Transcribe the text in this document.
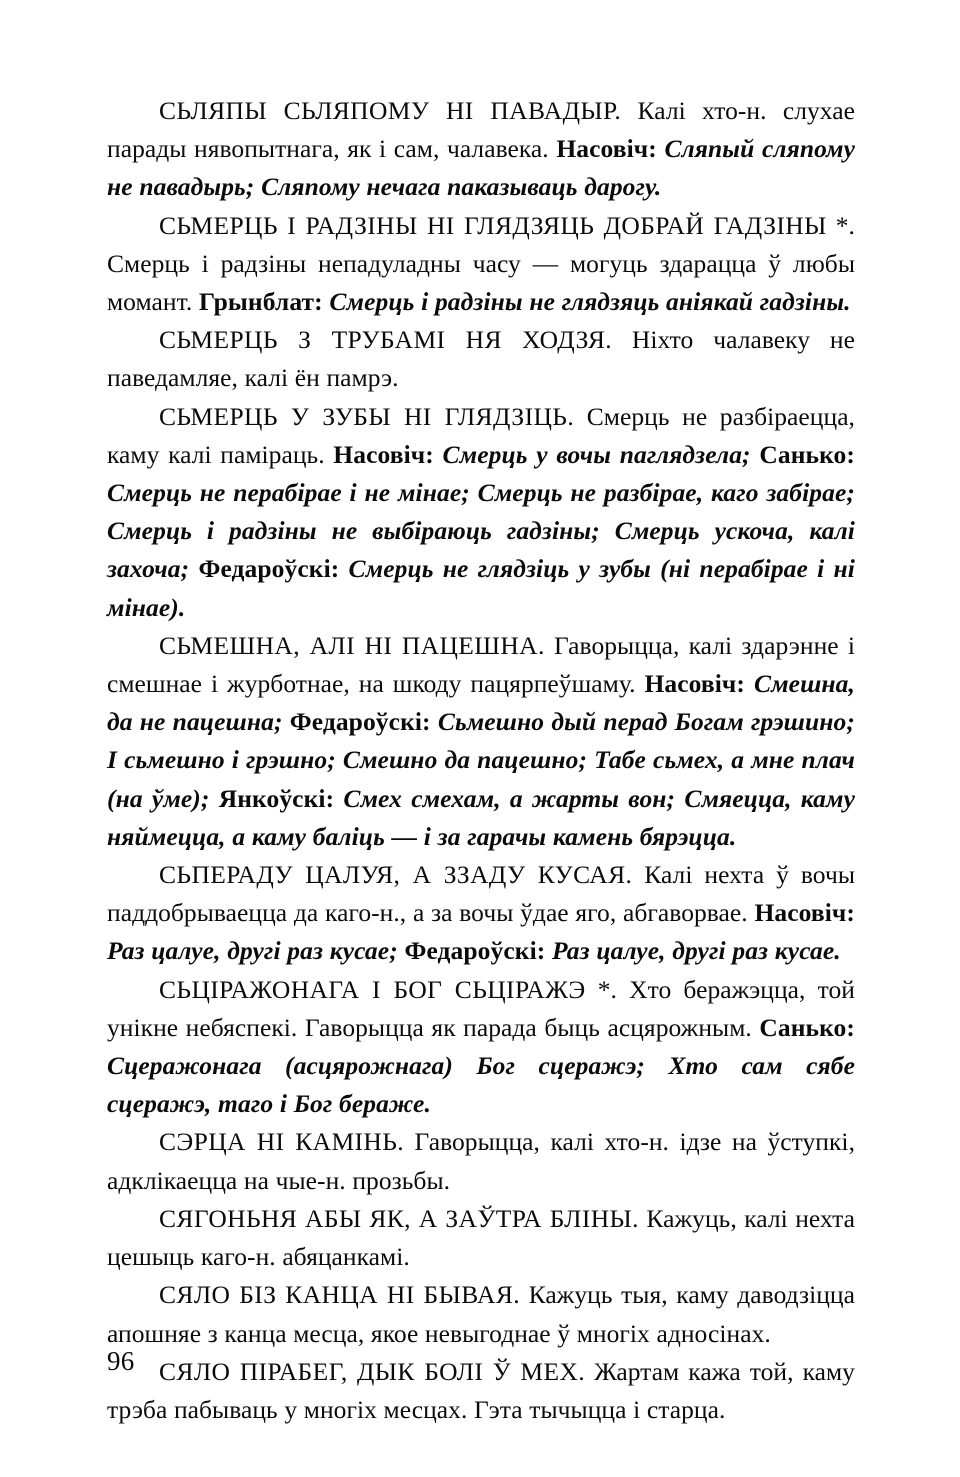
СЬЛЯПЫ СЬЛЯПОМУ НІ ПАВАДЫР. Калі хто-н. слухае парады нявопытнага, як і сам, чалавека. Насовіч: Сляпый сляпому не павадырь; Сляпому нечага паказываць дарогу.

СЬМЕРЦЬ І РАДЗІНЫ НІ ГЛЯДЗЯЦЬ ДОБРАЙ ГАДЗІНЫ *. Смерць і радзіны непадуладны часу — могуць здарацца ў любы момант. Грынблат: Смерць і радзіны не глядзяць аніякай гадзіны.

СЬМЕРЦЬ З ТРУБАМІ НЯ ХОДЗЯ. Ніхто чалавеку не паведамляе, калі ён памрэ.

СЬМЕРЦЬ У ЗУБЫ НІ ГЛЯДЗІЦЬ. Смерць не разбіраецца, каму калі паміраць. Насовіч: Смерць у вочы паглядзела; Санько: Смерць не перабірае і не мінае; Смерць не разбірае, каго забірае; Смерць і радзіны не выбіраюць гадзіны; Смерць ускоча, калі захоча; Федароўскі: Смерць не глядзіць у зубы (ні перабірае і ні мінае).

СЬМЕШНА, АЛІ НІ ПАЦЕШНА. Гаворыцца, калі здарэнне і смешнае і журботнае, на шкоду пацярпеўшаму. Насовіч: Смешна, да не пацешна; Федароўскі: Сьмешно дый перад Богам грэшино; І сьмешно і грэшно; Смешно да пацешно; Табе сьмех, а мне плач (на ўме); Янкоўскі: Смех смехам, а жарты вон; Смяецца, каму няймецца, а каму баліць — і за гарачы камень бярэцца.

СЬПЕРАДУ ЦАЛУЯ, А ЗЗАДУ КУСАЯ. Калі нехта ў вочы паддобрываецца да каго-н., а за вочы ўдае яго, абгаворвае. Насовіч: Раз цалуе, другі раз кусае; Федароўскі: Раз цалуе, другі раз кусае.

СЬЦІРАЖОНАГА І БОГ СЬЦІРАЖЭ *. Хто беражэцца, той унікне небяспекі. Гаворыцца як парада быць асцярожным. Санько: Сцеражонага (асцярожнага) Бог сцеражэ; Хто сам сябе сцеражэ, таго і Бог бераже.

СЭРЦА НІ КАМІНЬ. Гаворыцца, калі хто-н. ідзе на ўступкі, адклікаецца на чые-н. прозьбы.

СЯГОНЬНЯ АБЫ ЯК, А ЗАЎТРА БЛІНЫ. Кажуць, калі нехта цешыць каго-н. абяцанкамі.

СЯЛО БІЗ КАНЦА НІ БЫВАЯ. Кажуць тыя, каму даводзіцца апошняе з канца месца, якое невыгоднае ў многіх адносінах.

СЯЛО ПІРАБЕГ, ДЫК БОЛІ Ў МЕХ. Жартам кажа той, каму трэба пабываць у многіх месцах. Гэта тычыцца і старца.

96
